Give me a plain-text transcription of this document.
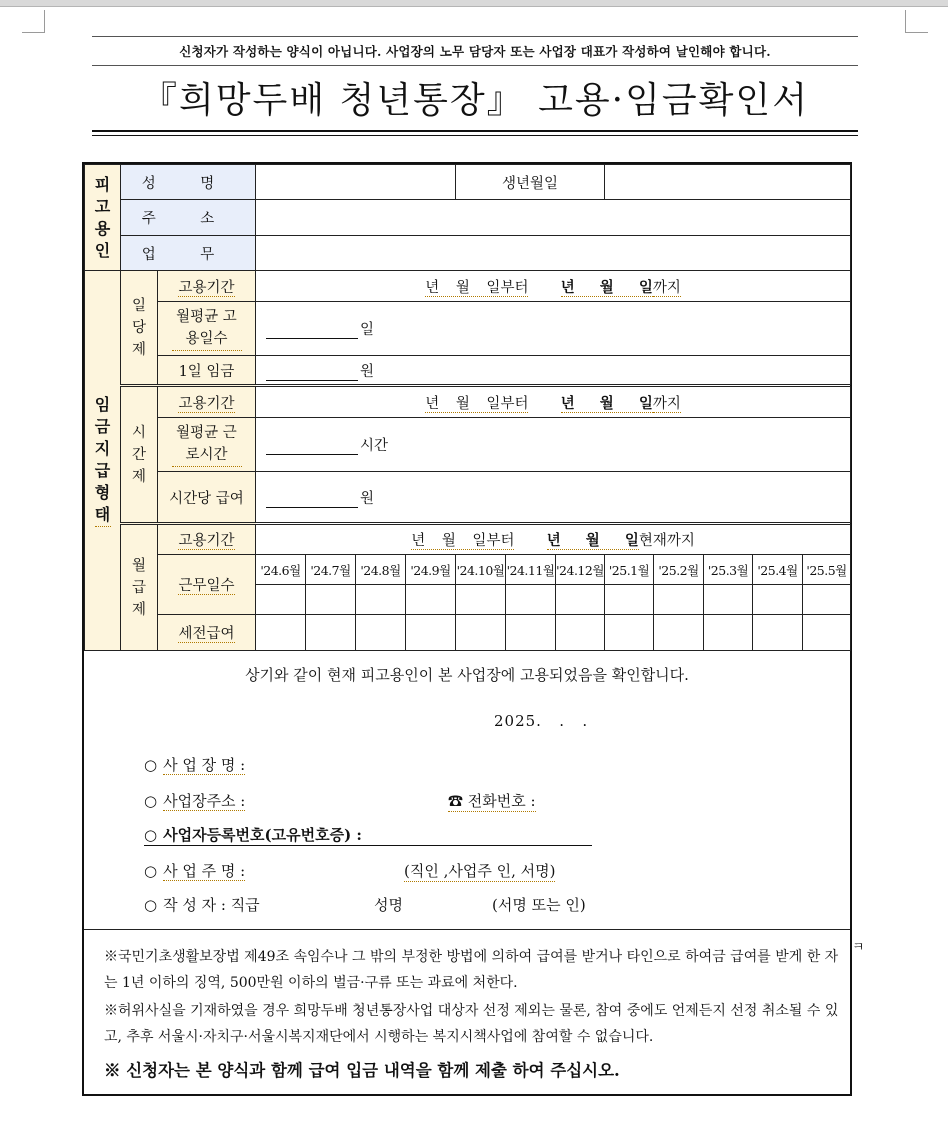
신청자가 작성하는 양식이 아닙니다. 사업장의 노무 담당자 또는 사업장 대표가 작성하여 날인해야 합니다.
『희망두배 청년통장』 고용·임금확인서
피고용인	성 명						생년월일							
	주 소													
	업 무													
임금지급형태	일당제	고용기간	년 월 일부터 년 월 일까지											
		월평균 고용일수	일											
		1일 임금	원											
	시간제	고용기간	년 월 일부터 년 월 일까지											
		월평균 근로시간	시간											
		시간당 급여	원											
	월급제	고용기간	년 월 일부터 년 월 일현재까지											
		근무일수	'24.6월	'24.7월	'24.8월	'24.9월	'24.10월	'24.11월	'24.12월	'25.1월	'25.2월	'25.3월	'25.4월	'25.5월

		세전급여												
상기와 같이 현재 피고용인이 본 사업장에 고용되었음을 확인합니다.
2025.   .   .
○ 사 업 장 명 :
○ 사업장주소 :	☎ 전화번호 :
○ 사업자등록번호(고유번호증) :
○ 사 업 주 명 :	(직인 ,사업주 인, 서명)
○ 작 성 자 : 직급	성명	(서명 또는 인)
※국민기초생활보장법 제49조 속임수나 그 밖의 부정한 방법에 의하여 급여를 받거나 타인으로 하여금 급여를 받게 한 자는 1년 이하의 징역, 500만원 이하의 벌금·구류 또는 과료에 처한다.
※허위사실을 기재하였을 경우 희망두배 청년통장사업 대상자 선정 제외는 물론, 참여 중에도 언제든지 선정 취소될 수 있고, 추후 서울시·자치구·서울시복지재단에서 시행하는 복지시책사업에 참여할 수 없습니다.
※ 신청자는 본 양식과 함께 급여 입금 내역을 함께 제출 하여 주십시오.
ㅋ
